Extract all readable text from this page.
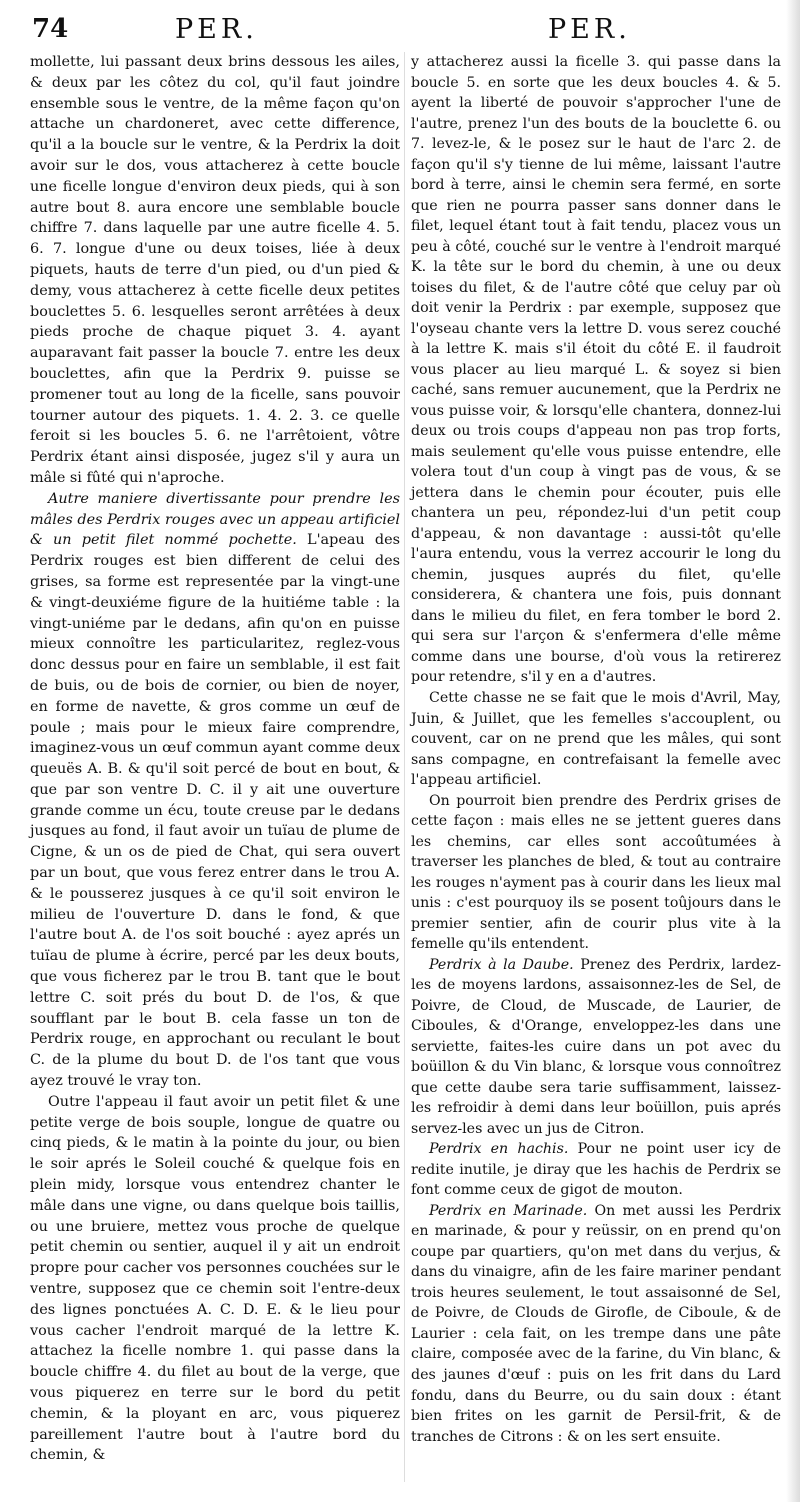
74	PER.	PER.

mollette, lui passant deux brins dessous les ailes, & deux par les côtez du col, qu'il faut joindre ensemble sous le ventre, de la même façon qu'on attache un chardoneret, avec cette difference, qu'il a la boucle sur le ventre, & la Perdrix la doit avoir sur le dos, vous attacherez à cette boucle une ficelle longue d'environ deux pieds, qui à son autre bout 8. aura encore une semblable boucle chiffre 7. dans laquelle par une autre ficelle 4. 5. 6. 7. longue d'une ou deux toises, liée à deux piquets, hauts de terre d'un pied, ou d'un pied & demy, vous attacherez à cette ficelle deux petites bouclettes 5. 6. lesquelles seront arrêtées à deux pieds proche de chaque piquet 3. 4. ayant auparavant fait passer la boucle 7. entre les deux bouclettes, afin que la Perdrix 9. puisse se promener tout au long de la ficelle, sans pouvoir tourner autour des piquets. 1. 4. 2. 3. ce quelle feroit si les boucles 5. 6. ne l'arrêtoient, vôtre Perdrix étant ainsi disposée, jugez s'il y aura un mâle si fûté qui n'aproche.

Autre maniere divertissante pour prendre les mâles des Perdrix rouges avec un appeau artificiel & un petit filet nommé pochette. L'apeau des Perdrix rouges est bien different de celui des grises, sa forme est representée par la vingt-une & vingt-deuxiéme figure de la huitiéme table : la vingt-uniéme par le dedans, afin qu'on en puisse mieux connoître les particularitez, reglez-vous donc dessus pour en faire un semblable, il est fait de buis, ou de bois de cornier, ou bien de noyer, en forme de navette, & gros comme un œuf de poule ; mais pour le mieux faire comprendre, imaginez-vous un œuf commun ayant comme deux queuës A. B. & qu'il soit percé de bout en bout, & que par son ventre D. C. il y ait une ouverture grande comme un écu, toute creuse par le dedans jusques au fond, il faut avoir un tuïau de plume de Cigne, & un os de pied de Chat, qui sera ouvert par un bout, que vous ferez entrer dans le trou A. & le pousserez jusques à ce qu'il soit environ le milieu de l'ouverture D. dans le fond, & que l'autre bout A. de l'os soit bouché : ayez aprés un tuïau de plume à écrire, percé par les deux bouts, que vous ficherez par le trou B. tant que le bout lettre C. soit prés du bout D. de l'os, & que soufflant par le bout B. cela fasse un ton de Perdrix rouge, en approchant ou reculant le bout C. de la plume du bout D. de l'os tant que vous ayez trouvé le vray ton.

Outre l'appeau il faut avoir un petit filet & une petite verge de bois souple, longue de quatre ou cinq pieds, & le matin à la pointe du jour, ou bien le soir aprés le Soleil couché & quelque fois en plein midy, lorsque vous entendrez chanter le mâle dans une vigne, ou dans quelque bois taillis, ou une bruiere, mettez vous proche de quelque petit chemin ou sentier, auquel il y ait un endroit propre pour cacher vos personnes couchées sur le ventre, supposez que ce chemin soit l'entre-deux des lignes ponctuées A. C. D. E. & le lieu pour vous cacher l'endroit marqué de la lettre K. attachez la ficelle nombre 1. qui passe dans la boucle chiffre 4. du filet au bout de la verge, que vous piquerez en terre sur le bord du petit chemin, & la ployant en arc, vous piquerez pareillement l'autre bout à l'autre bord du chemin, &

y attacherez aussi la ficelle 3. qui passe dans la boucle 5. en sorte que les deux boucles 4. & 5. ayent la liberté de pouvoir s'approcher l'une de l'autre, prenez l'un des bouts de la bouclette 6. ou 7. levez-le, & le posez sur le haut de l'arc 2. de façon qu'il s'y tienne de lui même, laissant l'autre bord à terre, ainsi le chemin sera fermé, en sorte que rien ne pourra passer sans donner dans le filet, lequel étant tout à fait tendu, placez vous un peu à côté, couché sur le ventre à l'endroit marqué K. la tête sur le bord du chemin, à une ou deux toises du filet, & de l'autre côté que celuy par où doit venir la Perdrix : par exemple, supposez que l'oyseau chante vers la lettre D. vous serez couché à la lettre K. mais s'il étoit du côté E. il faudroit vous placer au lieu marqué L. & soyez si bien caché, sans remuer aucunement, que la Perdrix ne vous puisse voir, & lorsqu'elle chantera, donnez-lui deux ou trois coups d'appeau non pas trop forts, mais seulement qu'elle vous puisse entendre, elle volera tout d'un coup à vingt pas de vous, & se jettera dans le chemin pour écouter, puis elle chantera un peu, répondez-lui d'un petit coup d'appeau, & non davantage : aussi-tôt qu'elle l'aura entendu, vous la verrez accourir le long du chemin, jusques auprés du filet, qu'elle considerera, & chantera une fois, puis donnant dans le milieu du filet, en fera tomber le bord 2. qui sera sur l'arçon & s'enfermera d'elle même comme dans une bourse, d'où vous la retirerez pour retendre, s'il y en a d'autres.

Cette chasse ne se fait que le mois d'Avril, May, Juin, & Juillet, que les femelles s'accouplent, ou couvent, car on ne prend que les mâles, qui sont sans compagne, en contrefaisant la femelle avec l'appeau artificiel.

On pourroit bien prendre des Perdrix grises de cette façon : mais elles ne se jettent gueres dans les chemins, car elles sont accoûtumées à traverser les planches de bled, & tout au contraire les rouges n'ayment pas à courir dans les lieux mal unis : c'est pourquoy ils se posent toûjours dans le premier sentier, afin de courir plus vite à la femelle qu'ils entendent.

Perdrix à la Daube. Prenez des Perdrix, lardez-les de moyens lardons, assaisonnez-les de Sel, de Poivre, de Cloud, de Muscade, de Laurier, de Ciboules, & d'Orange, enveloppez-les dans une serviette, faites-les cuire dans un pot avec du boüillon & du Vin blanc, & lorsque vous connoîtrez que cette daube sera tarie suffisamment, laissez-les refroidir à demi dans leur boüillon, puis aprés servez-les avec un jus de Citron.

Perdrix en hachis. Pour ne point user icy de redite inutile, je diray que les hachis de Perdrix se font comme ceux de gigot de mouton.

Perdrix en Marinade. On met aussi les Perdrix en marinade, & pour y reüssir, on en prend qu'on coupe par quartiers, qu'on met dans du verjus, & dans du vinaigre, afin de les faire mariner pendant trois heures seulement, le tout assaisonné de Sel, de Poivre, de Clouds de Girofle, de Ciboule, & de Laurier : cela fait, on les trempe dans une pâte claire, composée avec de la farine, du Vin blanc, & des jaunes d'œuf : puis on les frit dans du Lard fondu, dans du Beurre, ou du sain doux : étant bien frites on les garnit de Persil-frit, & de tranches de Citrons : & on les sert ensuite.
